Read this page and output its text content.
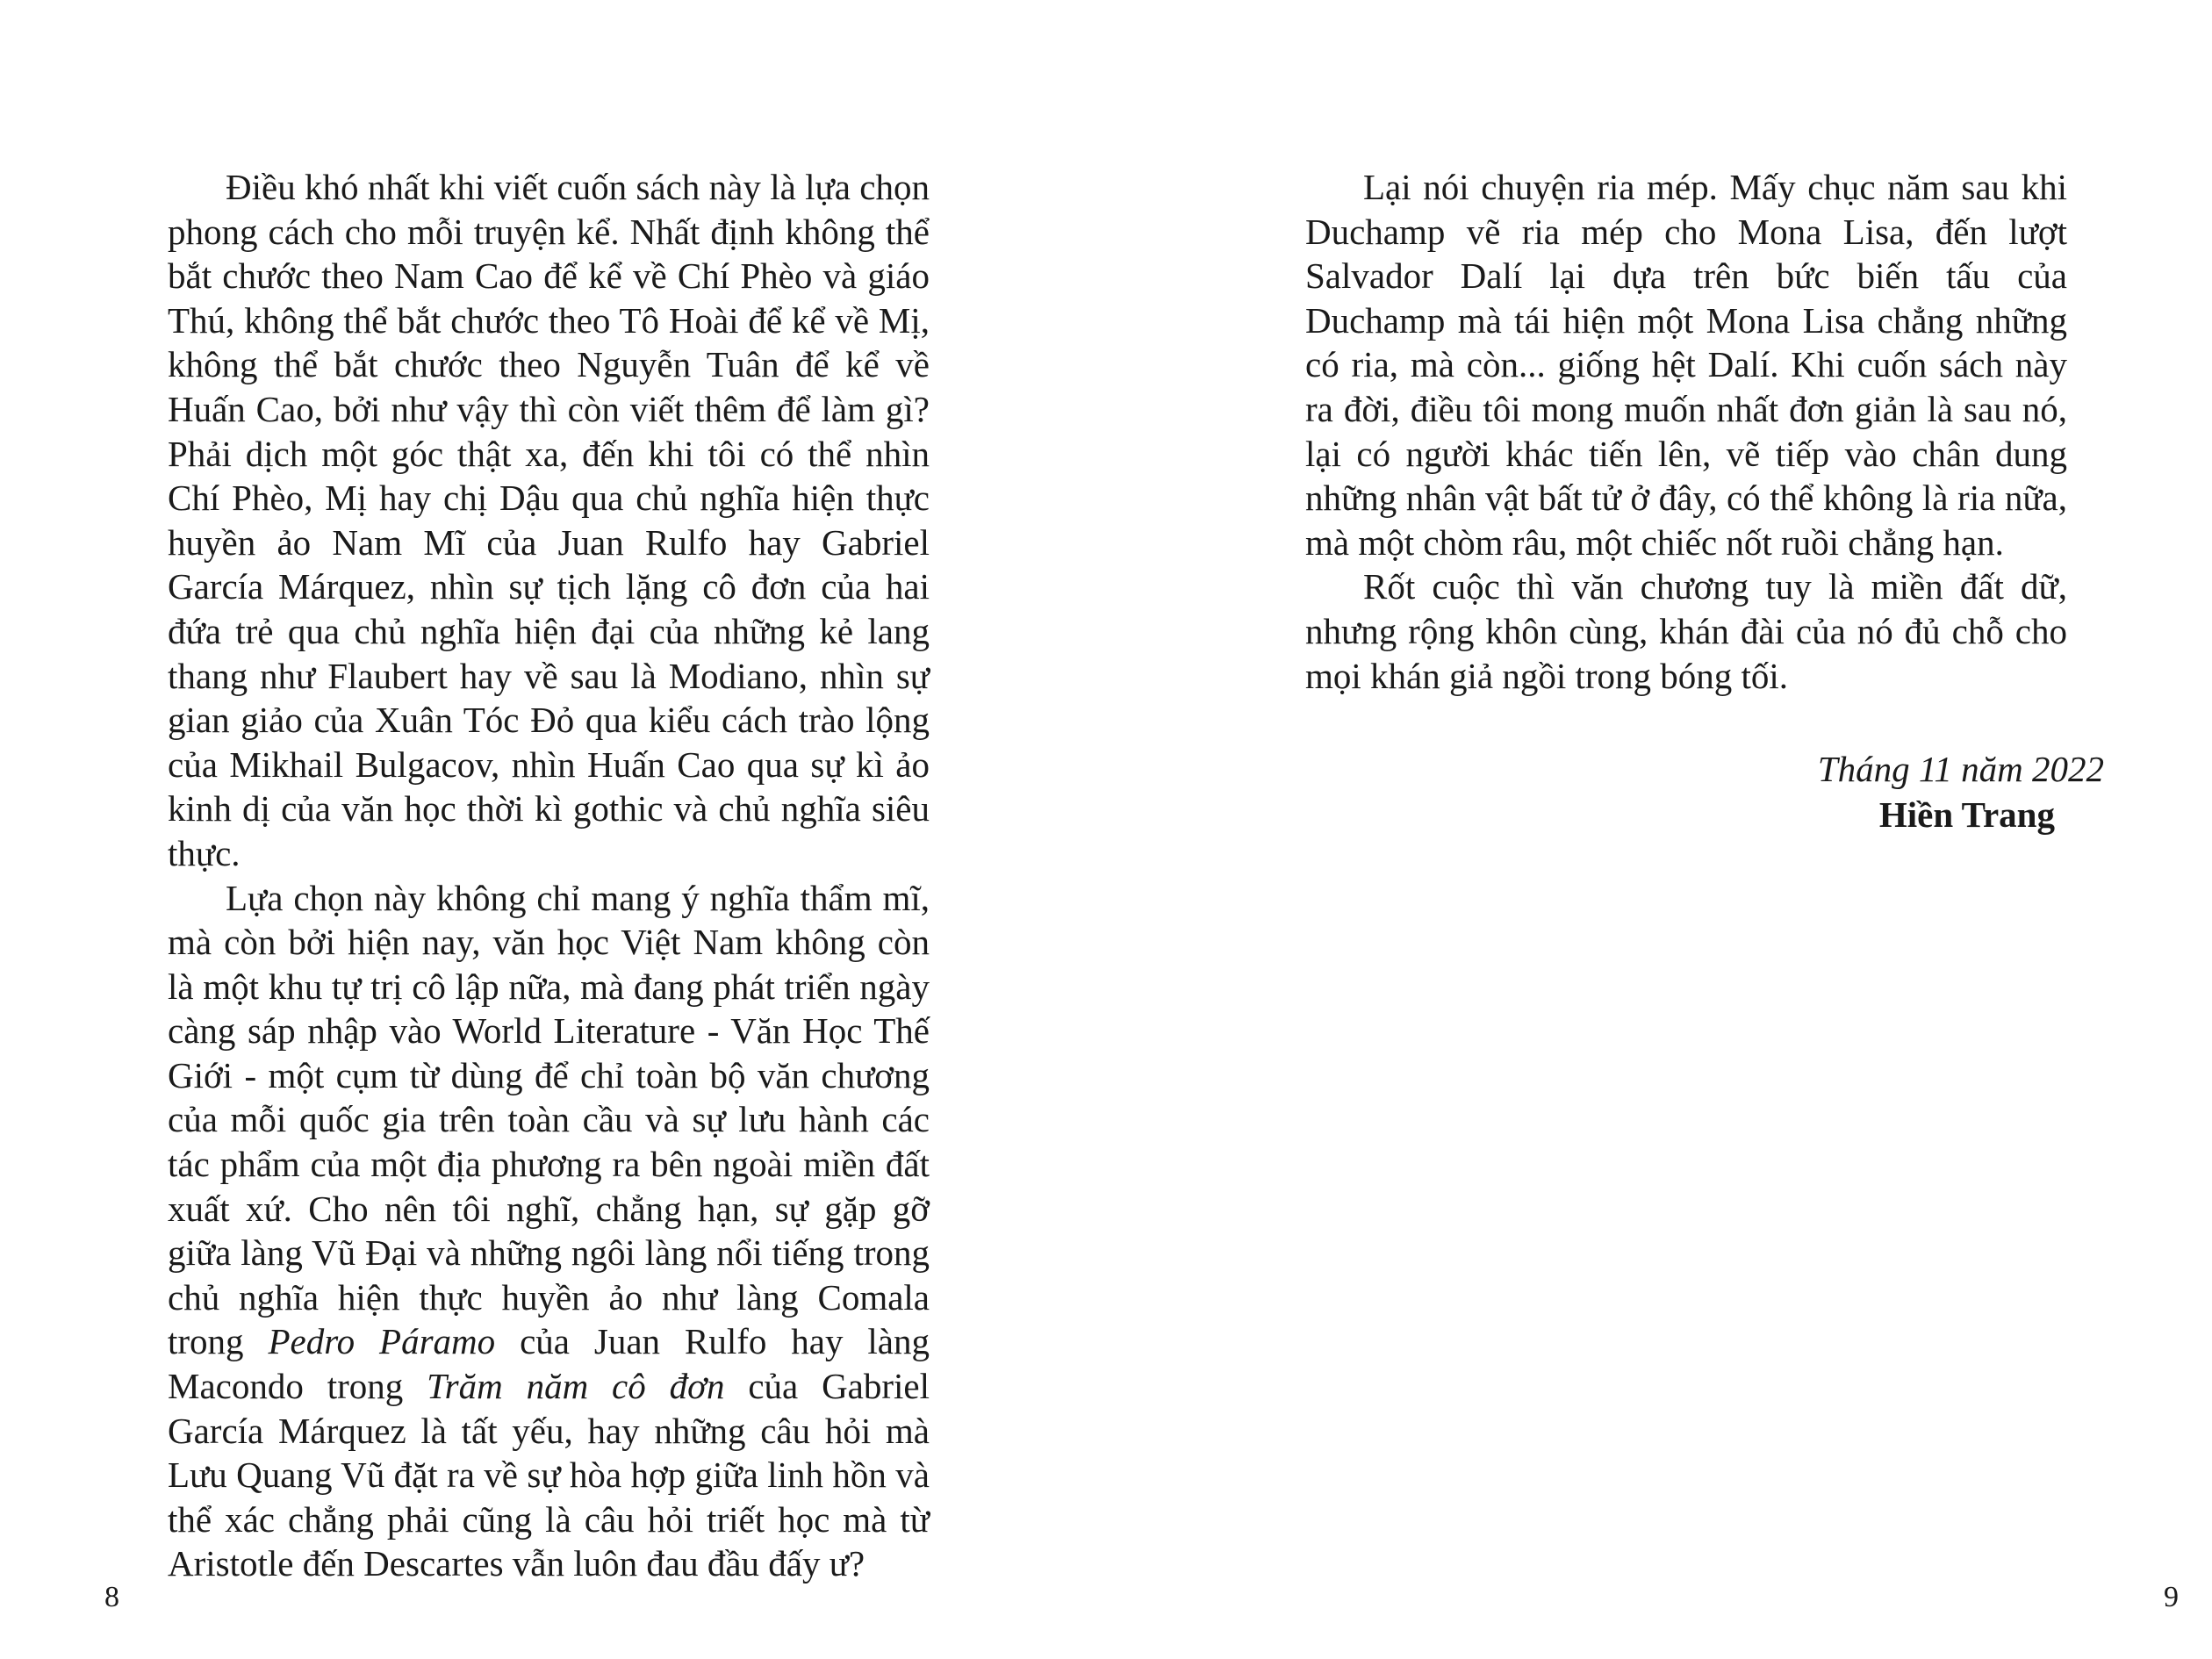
Điều khó nhất khi viết cuốn sách này là lựa chọn phong cách cho mỗi truyện kể. Nhất định không thể bắt chước theo Nam Cao để kể về Chí Phèo và giáo Thú, không thể bắt chước theo Tô Hoài để kể về Mị, không thể bắt chước theo Nguyễn Tuân để kể về Huấn Cao, bởi như vậy thì còn viết thêm để làm gì? Phải dịch một góc thật xa, đến khi tôi có thể nhìn Chí Phèo, Mị hay chị Dậu qua chủ nghĩa hiện thực huyền ảo Nam Mĩ của Juan Rulfo hay Gabriel García Márquez, nhìn sự tịch lặng cô đơn của hai đứa trẻ qua chủ nghĩa hiện đại của những kẻ lang thang như Flaubert hay về sau là Modiano, nhìn sự gian giảo của Xuân Tóc Đỏ qua kiểu cách trào lộng của Mikhail Bulgacov, nhìn Huấn Cao qua sự kì ảo kinh dị của văn học thời kì gothic và chủ nghĩa siêu thực.

Lựa chọn này không chỉ mang ý nghĩa thẩm mĩ, mà còn bởi hiện nay, văn học Việt Nam không còn là một khu tự trị cô lập nữa, mà đang phát triển ngày càng sáp nhập vào World Literature - Văn Học Thế Giới - một cụm từ dùng để chỉ toàn bộ văn chương của mỗi quốc gia trên toàn cầu và sự lưu hành các tác phẩm của một địa phương ra bên ngoài miền đất xuất xứ. Cho nên tôi nghĩ, chẳng hạn, sự gặp gỡ giữa làng Vũ Đại và những ngôi làng nổi tiếng trong chủ nghĩa hiện thực huyền ảo như làng Comala trong Pedro Páramo của Juan Rulfo hay làng Macondo trong Trăm năm cô đơn của Gabriel García Márquez là tất yếu, hay những câu hỏi mà Lưu Quang Vũ đặt ra về sự hòa hợp giữa linh hồn và thể xác chẳng phải cũng là câu hỏi triết học mà từ Aristotle đến Descartes vẫn luôn đau đầu đấy ư?

8

Lại nói chuyện ria mép. Mấy chục năm sau khi Duchamp vẽ ria mép cho Mona Lisa, đến lượt Salvador Dalí lại dựa trên bức biến tấu của Duchamp mà tái hiện một Mona Lisa chẳng những có ria, mà còn... giống hệt Dalí. Khi cuốn sách này ra đời, điều tôi mong muốn nhất đơn giản là sau nó, lại có người khác tiến lên, vẽ tiếp vào chân dung những nhân vật bất tử ở đây, có thể không là ria nữa, mà một chòm râu, một chiếc nốt ruồi chẳng hạn.

Rốt cuộc thì văn chương tuy là miền đất dữ, nhưng rộng khôn cùng, khán đài của nó đủ chỗ cho mọi khán giả ngồi trong bóng tối.

Tháng 11 năm 2022
Hiền Trang
9
